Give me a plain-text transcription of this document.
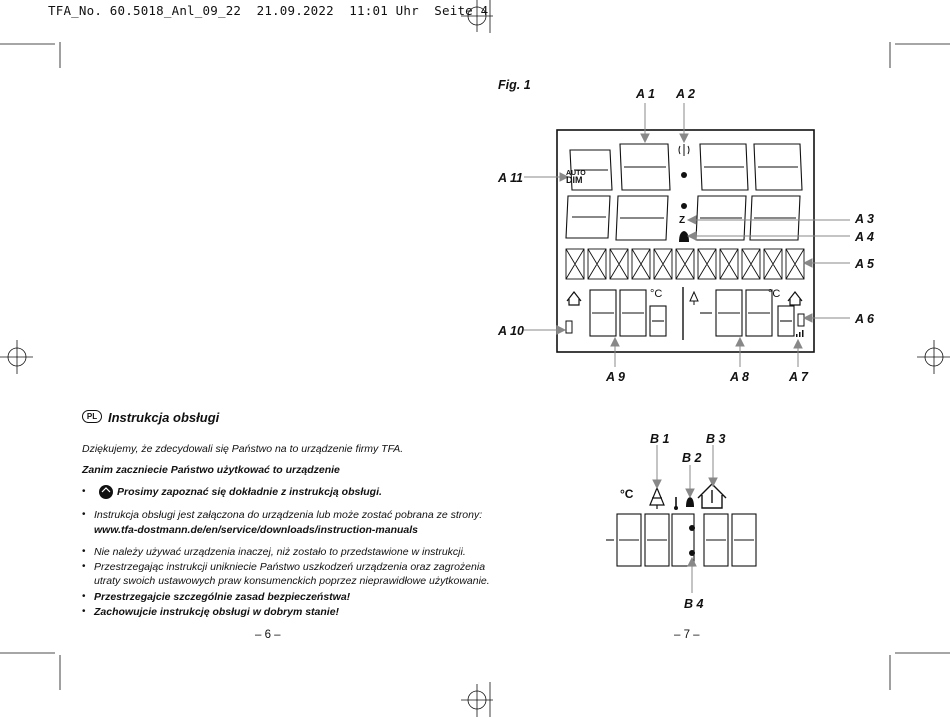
TFA_No. 60.5018_Anl_09_22  21.09.2022  11:01 Uhr  Seite 4
Fig. 1
A 1 A 2
A 3
A 4
A 5
A 6
A 7
A 8
A 9
A 10
A 11	AUTO
DIM
Z
°C	°C
°C
B 1
B 2
B 3
B 4
PL Instrukcja obsługi
Dziękujemy, że zdecydowali się Państwo na to urządzenie firmy TFA.
Zanim zaczniecie Państwo użytkować to urządzenie
•	Prosimy zapoznać się dokładnie z instrukcją obsługi.
• Instrukcja obsługi jest załączona do urządzenia lub może zostać pobrana ze strony:
www.tfa-dostmann.de/en/service/downloads/instruction-manuals
• Nie należy używać urządzenia inaczej, niż zostało to przedstawione w instrukcji.
• Przestrzegając instrukcji unikniecie Państwo uszkodzeń urządzenia oraz zagrożenia
utraty swoich ustawowych praw konsumenckich poprzez nieprawidłowe użytkowanie.
• Przestrzegajcie szczególnie zasad bezpieczeństwa!
• Zachowujcie instrukcję obsługi w dobrym stanie!
– 6 –	– 7 –
